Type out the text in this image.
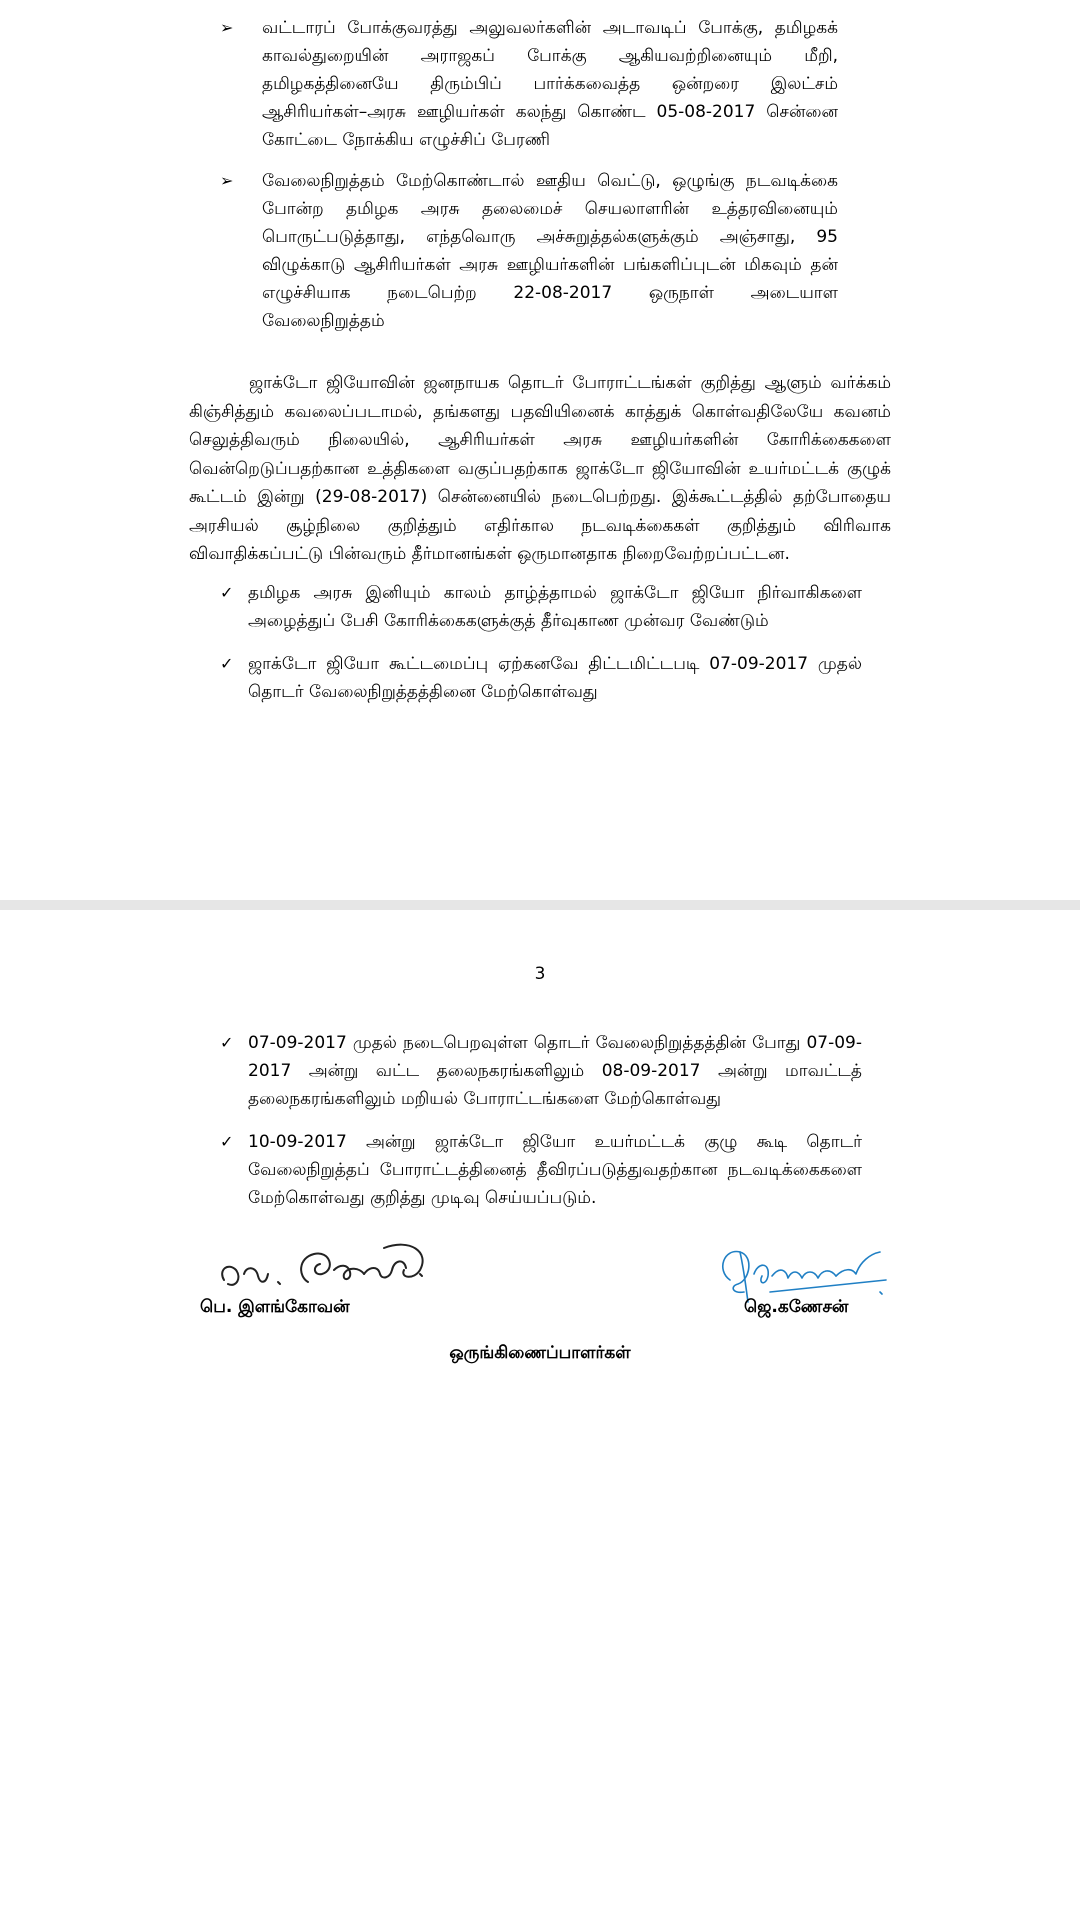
➢ வட்டாரப் போக்குவரத்து அலுவலர்களின் அடாவடிப் போக்கு, தமிழகக் காவல்துறையின் அராஜகப் போக்கு ஆகியவற்றினையும் மீறி, தமிழகத்தினையே திரும்பிப் பார்க்கவைத்த ஒன்றரை இலட்சம் ஆசிரியர்கள்–அரசு ஊழியர்கள் கலந்து கொண்ட 05-08-2017 சென்னை கோட்டை நோக்கிய எழுச்சிப் பேரணி
➢ வேலைநிறுத்தம் மேற்கொண்டால் ஊதிய வெட்டு, ஒழுங்கு நடவடிக்கை போன்ற தமிழக அரசு தலைமைச் செயலாளரின் உத்தரவினையும் பொருட்படுத்தாது, எந்தவொரு அச்சுறுத்தல்களுக்கும் அஞ்சாது, 95 விழுக்காடு ஆசிரியர்கள் அரசு ஊழியர்களின் பங்களிப்புடன் மிகவும் தன் எழுச்சியாக நடைபெற்ற 22-08-2017 ஒருநாள் அடையாள வேலைநிறுத்தம்

ஜாக்டோ ஜியோவின் ஜனநாயக தொடர் போராட்டங்கள் குறித்து ஆளும் வர்க்கம் கிஞ்சித்தும் கவலைப்படாமல், தங்களது பதவியினைக் காத்துக் கொள்வதிலேயே கவனம் செலுத்திவரும் நிலையில், ஆசிரியர்கள் அரசு ஊழியர்களின் கோரிக்கைகளை வென்றெடுப்பதற்கான உத்திகளை வகுப்பதற்காக ஜாக்டோ ஜியோவின் உயர்மட்டக் குழுக் கூட்டம் இன்று (29-08-2017) சென்னையில் நடைபெற்றது. இக்கூட்டத்தில் தற்போதைய அரசியல் சூழ்நிலை குறித்தும் எதிர்கால நடவடிக்கைகள் குறித்தும் விரிவாக விவாதிக்கப்பட்டு பின்வரும் தீர்மானங்கள் ஒருமானதாக நிறைவேற்றப்பட்டன.

✓ தமிழக அரசு இனியும் காலம் தாழ்த்தாமல் ஜாக்டோ ஜியோ நிர்வாகிகளை அழைத்துப் பேசி கோரிக்கைகளுக்குத் தீர்வுகாண முன்வர வேண்டும்
✓ ஜாக்டோ ஜியோ கூட்டமைப்பு ஏற்கனவே திட்டமிட்டபடி 07-09-2017 முதல் தொடர் வேலைநிறுத்தத்தினை மேற்கொள்வது
3
✓ 07-09-2017 முதல் நடைபெறவுள்ள தொடர் வேலைநிறுத்தத்தின் போது 07-09-2017 அன்று வட்ட தலைநகரங்களிலும் 08-09-2017 அன்று மாவட்டத் தலைநகரங்களிலும் மறியல் போராட்டங்களை மேற்கொள்வது
✓ 10-09-2017 அன்று ஜாக்டோ ஜியோ உயர்மட்டக் குழு கூடி தொடர் வேலைநிறுத்தப் போராட்டத்தினைத் தீவிரப்படுத்துவதற்கான நடவடிக்கைகளை மேற்கொள்வது குறித்து முடிவு செய்யப்படும்.
பெ. இளங்கோவன்	ஜெ.கணேசன்
ஒருங்கிணைப்பாளர்கள்
